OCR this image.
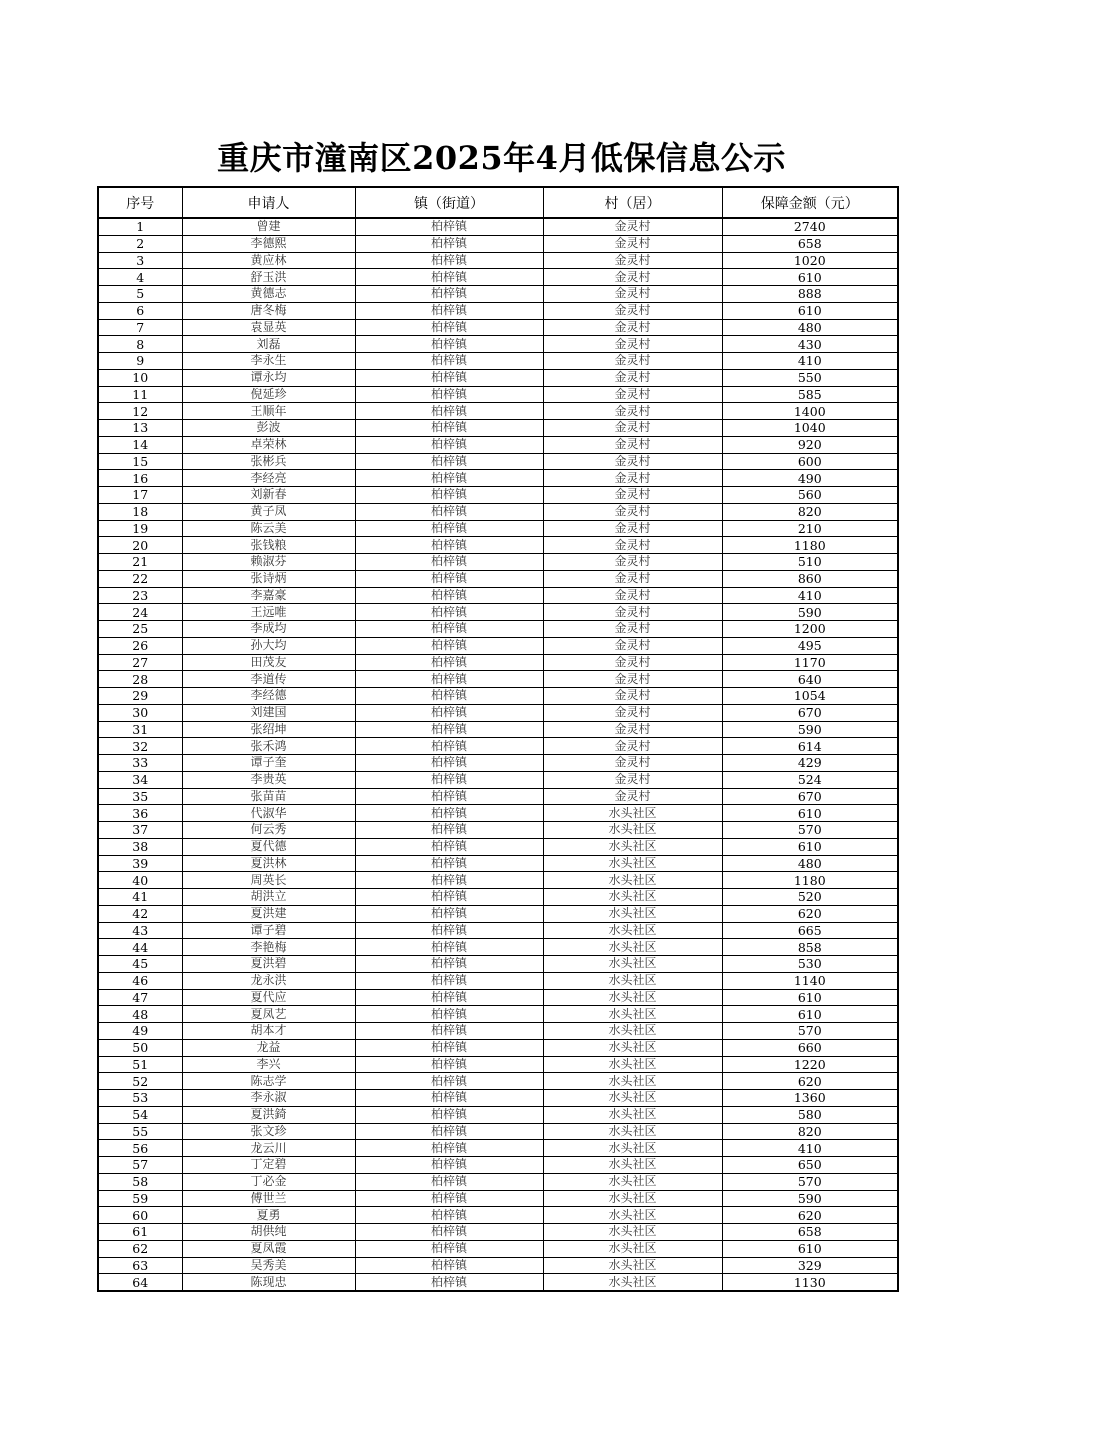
重庆市潼南区2025年4月低保信息公示
序号	申请人	镇（街道）	村（居）	保障金额（元）
1	曾建	柏梓镇	金灵村	2740
2	李德熙	柏梓镇	金灵村	658
3	黄应林	柏梓镇	金灵村	1020
4	舒玉洪	柏梓镇	金灵村	610
5	黄德志	柏梓镇	金灵村	888
6	唐冬梅	柏梓镇	金灵村	610
7	袁显英	柏梓镇	金灵村	480
8	刘磊	柏梓镇	金灵村	430
9	李永生	柏梓镇	金灵村	410
10	谭永均	柏梓镇	金灵村	550
11	倪延珍	柏梓镇	金灵村	585
12	王顺年	柏梓镇	金灵村	1400
13	彭波	柏梓镇	金灵村	1040
14	卓荣林	柏梓镇	金灵村	920
15	张彬兵	柏梓镇	金灵村	600
16	李经亮	柏梓镇	金灵村	490
17	刘新春	柏梓镇	金灵村	560
18	黄子凤	柏梓镇	金灵村	820
19	陈云美	柏梓镇	金灵村	210
20	张钱粮	柏梓镇	金灵村	1180
21	赖淑芬	柏梓镇	金灵村	510
22	张诗炳	柏梓镇	金灵村	860
23	李嘉豪	柏梓镇	金灵村	410
24	王远唯	柏梓镇	金灵村	590
25	李成均	柏梓镇	金灵村	1200
26	孙大均	柏梓镇	金灵村	495
27	田茂友	柏梓镇	金灵村	1170
28	李道传	柏梓镇	金灵村	640
29	李经德	柏梓镇	金灵村	1054
30	刘建国	柏梓镇	金灵村	670
31	张绍坤	柏梓镇	金灵村	590
32	张禾鸿	柏梓镇	金灵村	614
33	谭子奎	柏梓镇	金灵村	429
34	李贵英	柏梓镇	金灵村	524
35	张苗苗	柏梓镇	金灵村	670
36	代淑华	柏梓镇	水头社区	610
37	何云秀	柏梓镇	水头社区	570
38	夏代德	柏梓镇	水头社区	610
39	夏洪林	柏梓镇	水头社区	480
40	周英长	柏梓镇	水头社区	1180
41	胡洪立	柏梓镇	水头社区	520
42	夏洪建	柏梓镇	水头社区	620
43	谭子碧	柏梓镇	水头社区	665
44	李艳梅	柏梓镇	水头社区	858
45	夏洪碧	柏梓镇	水头社区	530
46	龙永洪	柏梓镇	水头社区	1140
47	夏代应	柏梓镇	水头社区	610
48	夏凤艺	柏梓镇	水头社区	610
49	胡本才	柏梓镇	水头社区	570
50	龙益	柏梓镇	水头社区	660
51	李兴	柏梓镇	水头社区	1220
52	陈志学	柏梓镇	水头社区	620
53	李永淑	柏梓镇	水头社区	1360
54	夏洪錡	柏梓镇	水头社区	580
55	张文珍	柏梓镇	水头社区	820
56	龙云川	柏梓镇	水头社区	410
57	丁定碧	柏梓镇	水头社区	650
58	丁必金	柏梓镇	水头社区	570
59	傅世兰	柏梓镇	水头社区	590
60	夏勇	柏梓镇	水头社区	620
61	胡供纯	柏梓镇	水头社区	658
62	夏凤霞	柏梓镇	水头社区	610
63	吴秀美	柏梓镇	水头社区	329
64	陈现忠	柏梓镇	水头社区	1130
